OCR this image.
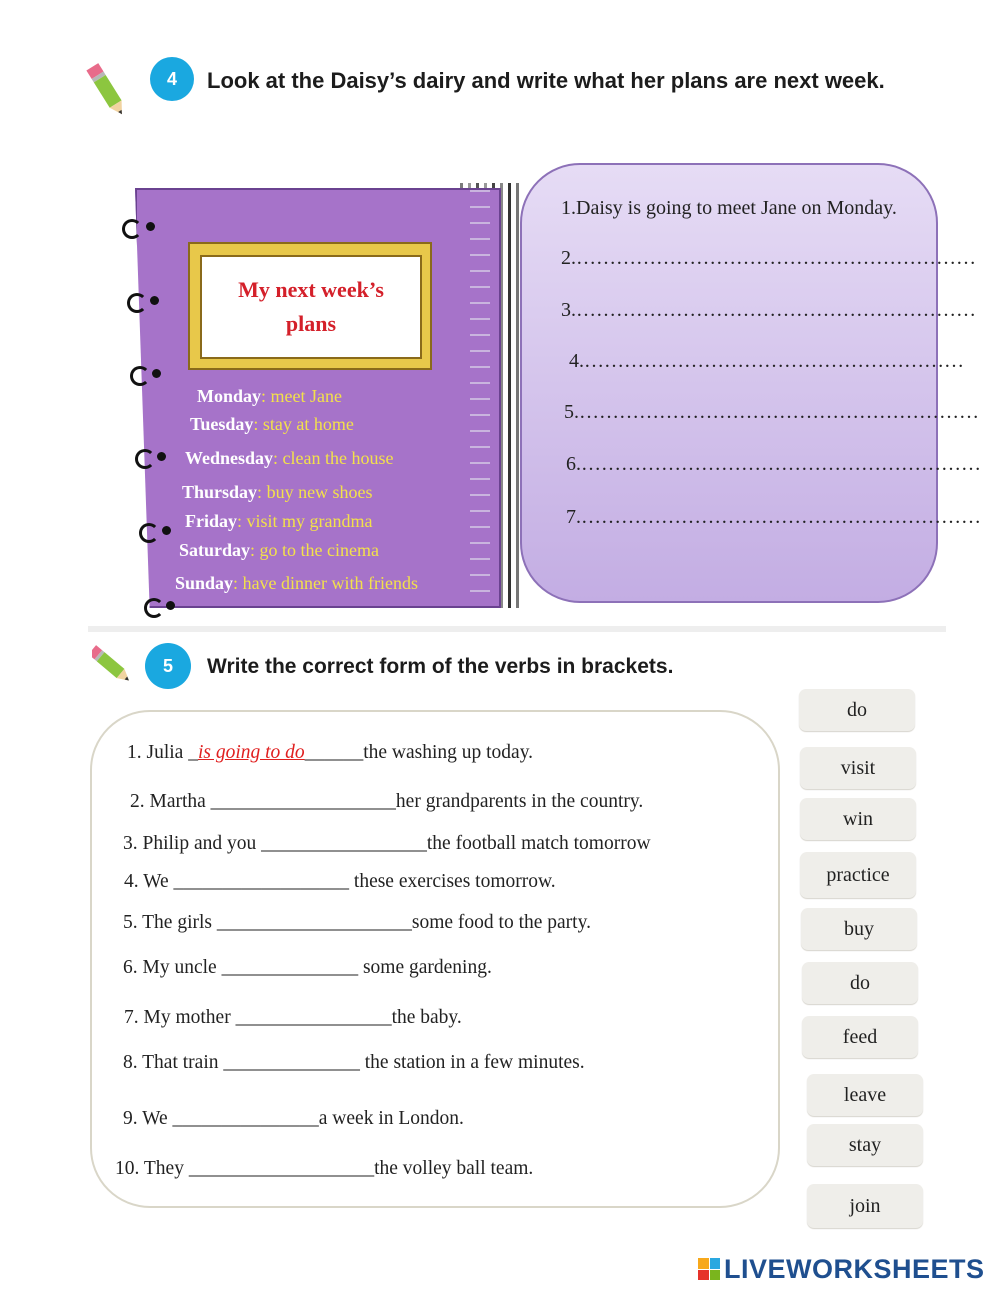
4	Look at the Daisy’s dairy and write what her plans are next week.
My next week’s
plans
Monday: meet Jane
Tuesday: stay at home
Wednesday: clean the house
Thursday: buy new shoes
Friday: visit my grandma
Saturday: go to the cinema
Sunday: have dinner with friends
1.Daisy is going to meet Jane on Monday.
2.……………………………………………………
3.……………………………………………………
4.…………………………………………………
5.……………………………………………………
6.……………………………………………………
7.……………………………………………………
5	Write the correct form of the verbs in brackets.
1. Julia _is going to do______the washing up today.
2. Martha ___________________her grandparents in the country.
3. Philip and you _________________the football match tomorrow
4. We __________________ these exercises tomorrow.
5. The girls ____________________some food to the party.
6. My uncle ______________ some gardening.
7. My mother ________________the baby.
8. That train ______________ the station in a few minutes.
9. We _______________a week in London.
10. They ___________________the volley ball team.
do
visit
win
practice
buy
do
feed
leave
stay
join
LIVEWORKSHEETS
